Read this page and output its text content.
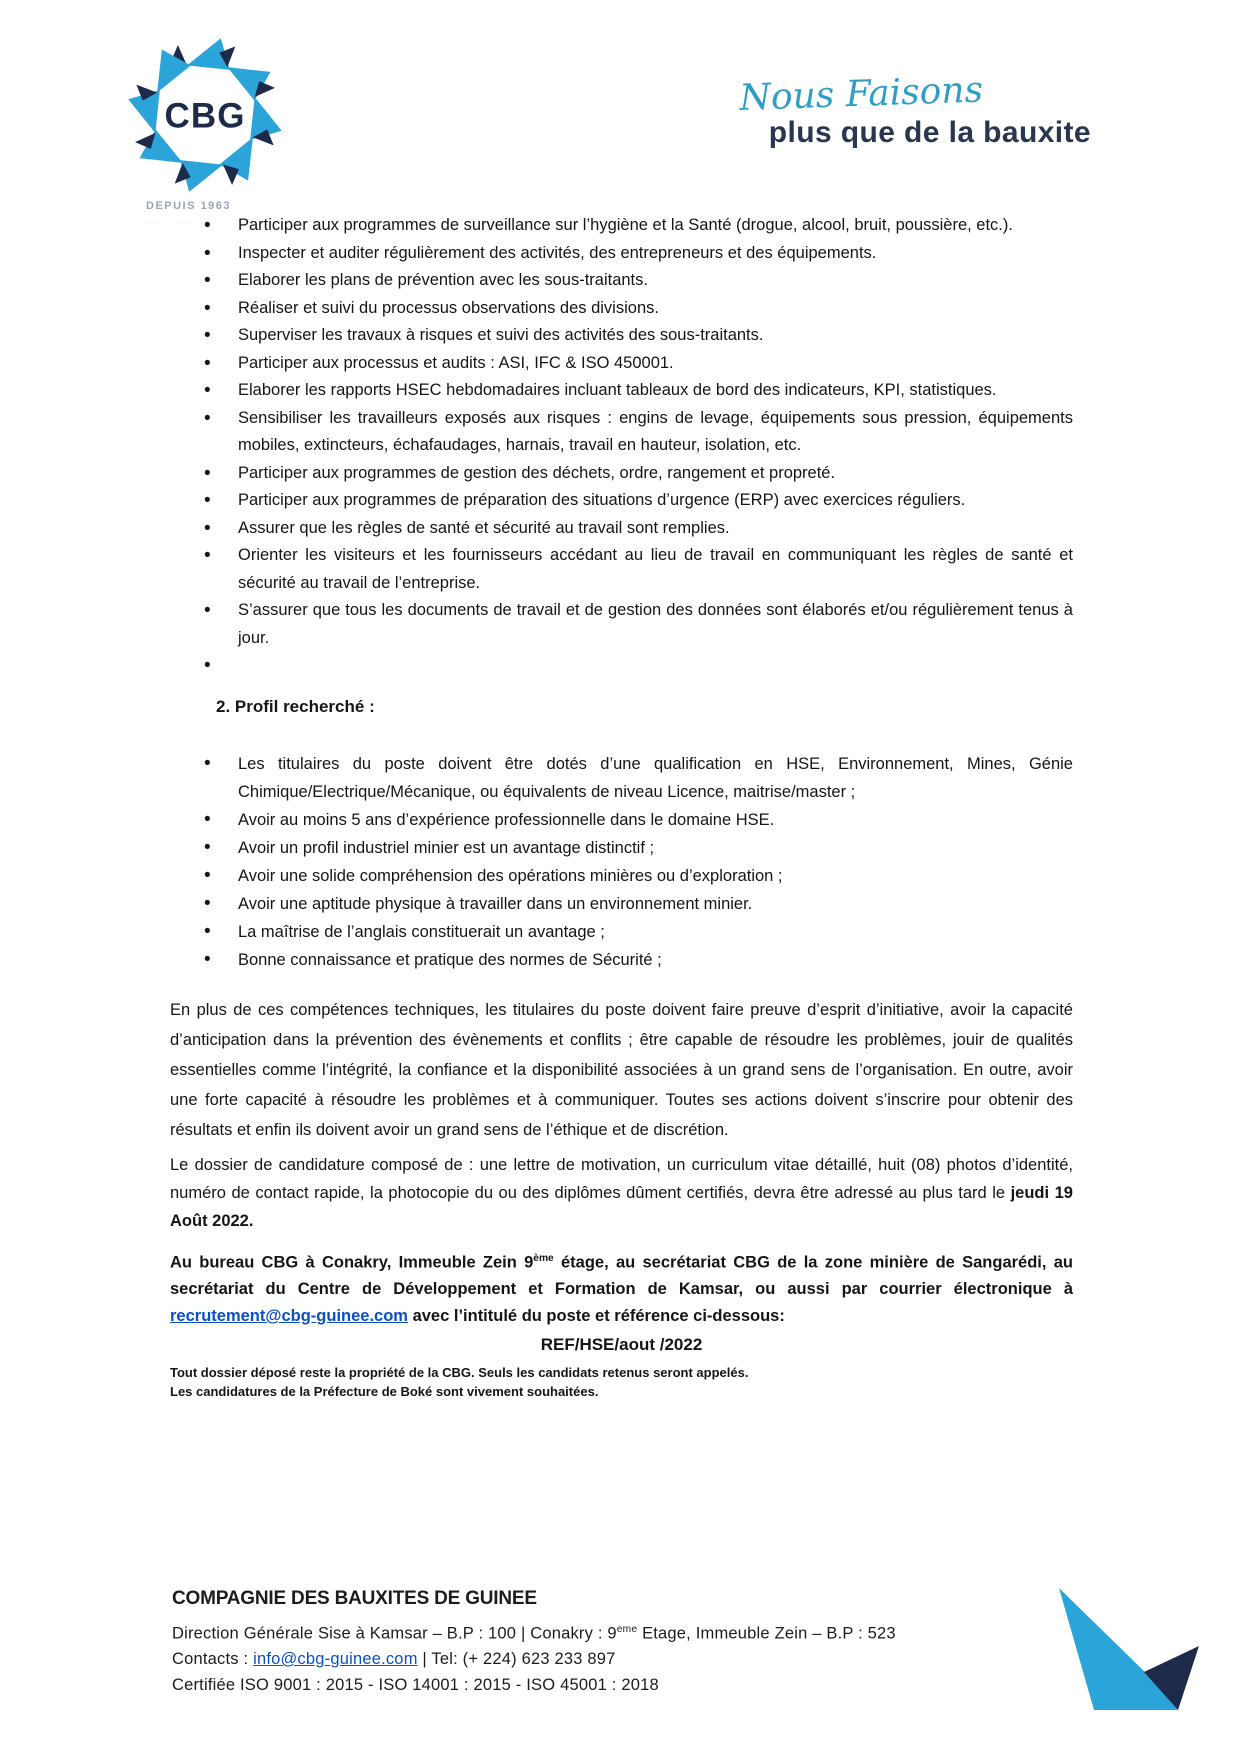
CBG
DEPUIS 1963
Nous Faisons
plus que de la bauxite
• Participer aux programmes de surveillance sur l’hygiène et la Santé (drogue, alcool, bruit, poussière, etc.).
• Inspecter et auditer régulièrement des activités, des entrepreneurs et des équipements.
• Elaborer les plans de prévention avec les sous-traitants.
• Réaliser et suivi du processus observations des divisions.
• Superviser les travaux à risques et suivi des activités des sous-traitants.
• Participer aux processus et audits : ASI, IFC & ISO 450001.
• Elaborer les rapports HSEC hebdomadaires incluant tableaux de bord des indicateurs, KPI, statistiques.
• Sensibiliser les travailleurs exposés aux risques : engins de levage, équipements sous pression, équipements mobiles, extincteurs, échafaudages, harnais, travail en hauteur, isolation, etc.
• Participer aux programmes de gestion des déchets, ordre, rangement et propreté.
• Participer aux programmes de préparation des situations d’urgence (ERP) avec exercices réguliers.
• Assurer que les règles de santé et sécurité au travail sont remplies.
• Orienter les visiteurs et les fournisseurs accédant au lieu de travail en communiquant les règles de santé et sécurité au travail de l’entreprise.
• S’assurer que tous les documents de travail et de gestion des données sont élaborés et/ou régulièrement tenus à jour.
•
2. Profil recherché :
• Les titulaires du poste doivent être dotés d’une qualification en HSE, Environnement, Mines, Génie Chimique/Electrique/Mécanique, ou équivalents de niveau Licence, maitrise/master ;
• Avoir au moins 5 ans d’expérience professionnelle dans le domaine HSE.
• Avoir un profil industriel minier est un avantage distinctif ;
• Avoir une solide compréhension des opérations minières ou d’exploration ;
• Avoir une aptitude physique à travailler dans un environnement minier.
• La maîtrise de l’anglais constituerait un avantage ;
• Bonne connaissance et pratique des normes de Sécurité ;

En plus de ces compétences techniques, les titulaires du poste doivent faire preuve d’esprit d’initiative, avoir la capacité d’anticipation dans la prévention des évènements et conflits ; être capable de résoudre les problèmes, jouir de qualités essentielles comme l’intégrité, la confiance et la disponibilité associées à un grand sens de l’organisation. En outre, avoir une forte capacité à résoudre les problèmes et à communiquer. Toutes ses actions doivent s’inscrire pour obtenir des résultats et enfin ils doivent avoir un grand sens de l’éthique et de discrétion.

Le dossier de candidature composé de : une lettre de motivation, un curriculum vitae détaillé, huit (08) photos d’identité, numéro de contact rapide, la photocopie du ou des diplômes dûment certifiés, devra être adressé au plus tard le jeudi 19 Août 2022.

Au bureau CBG à Conakry, Immeuble Zein 9ème étage, au secrétariat CBG de la zone minière de Sangarédi, au secrétariat du Centre de Développement et Formation de Kamsar, ou aussi par courrier électronique à recrutement@cbg-guinee.com avec l’intitulé du poste et référence ci-dessous:

REF/HSE/aout /2022
Tout dossier déposé reste la propriété de la CBG. Seuls les candidats retenus seront appelés.
Les candidatures de la Préfecture de Boké sont vivement souhaitées.
COMPAGNIE DES BAUXITES DE GUINEE
Direction Générale Sise à Kamsar – B.P : 100 | Conakry : 9eme Etage, Immeuble Zein – B.P : 523
Contacts : info@cbg-guinee.com | Tel: (+ 224) 623 233 897
Certifiée ISO 9001 : 2015 - ISO 14001 : 2015 - ISO 45001 : 2018
